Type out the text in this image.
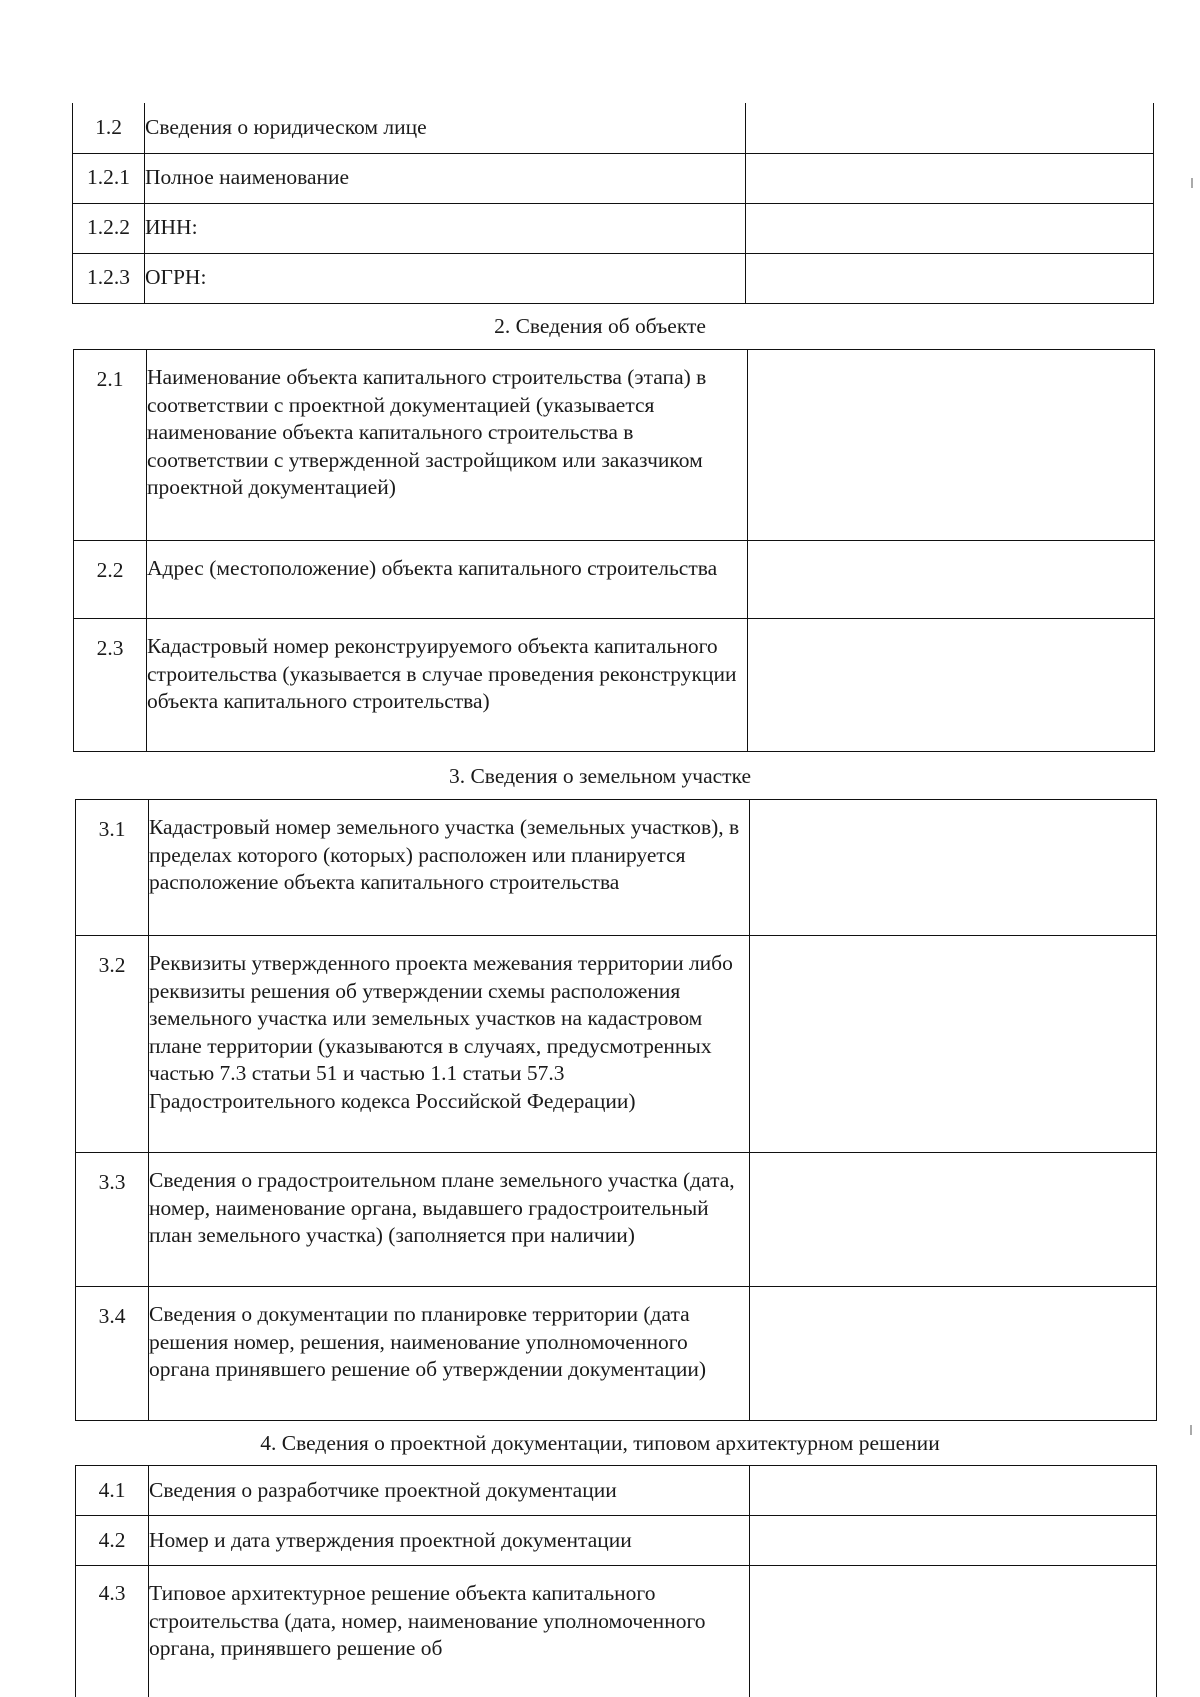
1.2	Сведения о юридическом лице	
1.2.1	Полное наименование	
1.2.2	ИНН:	
1.2.3	ОГРН:	
2. Сведения об объекте
2.1	Наименование объекта капитального строительства (этапа) в соответствии с проектной документацией (указывается наименование объекта капитального строительства в соответствии с утвержденной застройщиком или заказчиком проектной документацией)	
2.2	Адрес (местоположение) объекта капитального строительства	
2.3	Кадастровый номер реконструируемого объекта капитального строительства (указывается в случае проведения реконструкции объекта капитального строительства)	
3. Сведения о земельном участке
3.1	Кадастровый номер земельного участка (земельных участков), в пределах которого (которых) расположен или планируется расположение объекта капитального строительства	
3.2	Реквизиты утвержденного проекта межевания территории либо реквизиты решения об утверждении схемы расположения земельного участка или земельных участков на кадастровом плане территории (указываются в случаях, предусмотренных частью 7.3 статьи 51 и частью 1.1 статьи 57.3 Градостроительного кодекса Российской Федерации)	
3.3	Сведения о градостроительном плане земельного участка (дата, номер, наименование органа, выдавшего градостроительный план земельного участка) (заполняется при наличии)	
3.4	Сведения о документации по планировке территории (дата решения номер, решения, наименование уполномоченного органа принявшего решение об утверждении документации)	
4. Сведения о проектной документации, типовом архитектурном решении
4.1	Сведения о разработчике проектной документации	
4.2	Номер и дата утверждения проектной документации	
4.3	Типовое архитектурное решение объекта капитального строительства (дата, номер, наименование уполномоченного органа, принявшего решение об	
